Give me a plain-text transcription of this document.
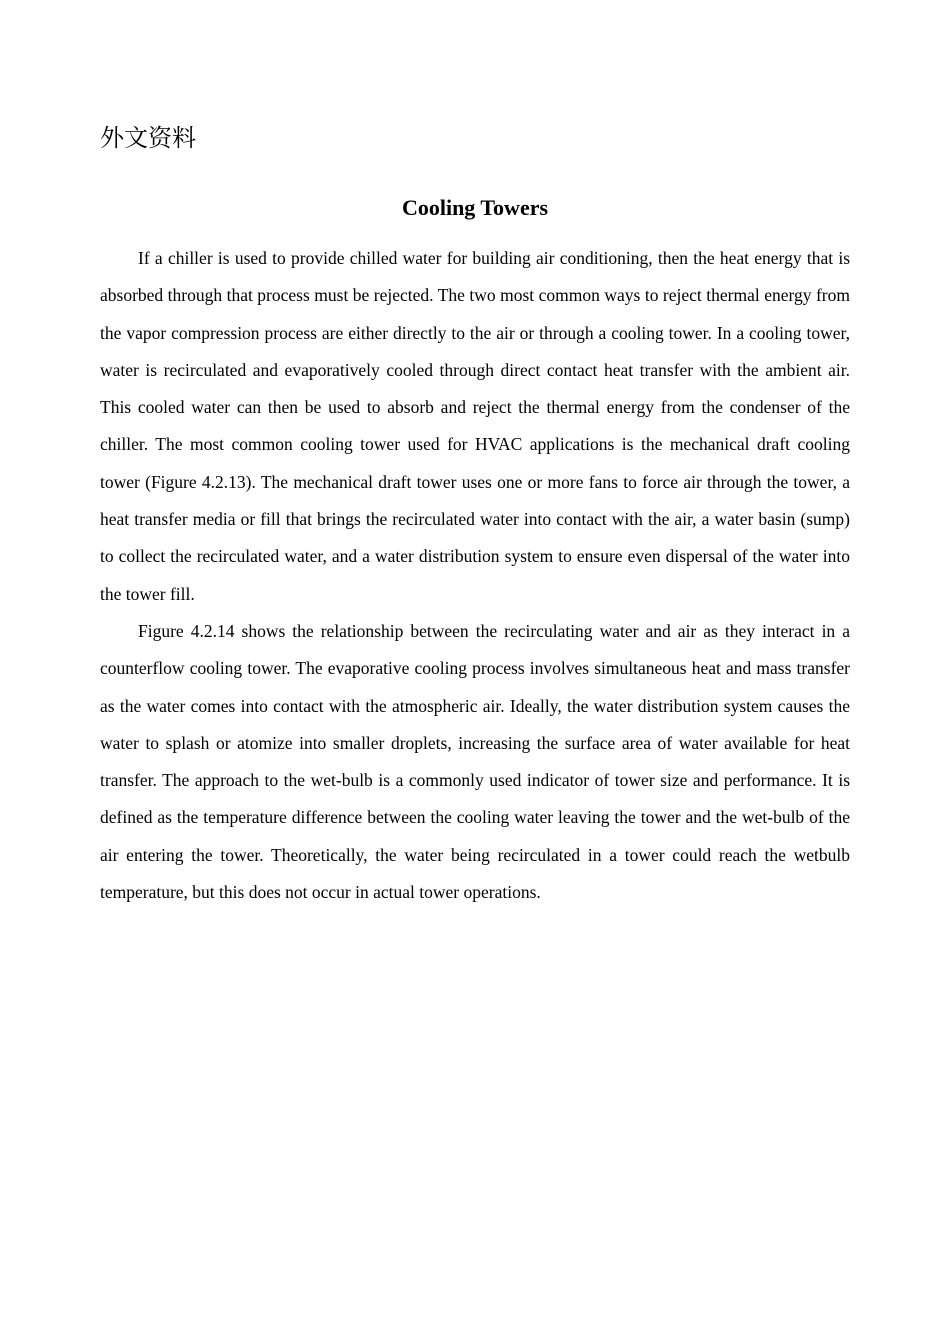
外文资料
Cooling Towers

If a chiller is used to provide chilled water for building air conditioning, then the heat energy that is absorbed through that process must be rejected. The two most common ways to reject thermal energy from the vapor compression process are either directly to the air or through a cooling tower. In a cooling tower, water is recirculated and evaporatively cooled through direct contact heat transfer with the ambient air. This cooled water can then be used to absorb and reject the thermal energy from the condenser of the chiller. The most common cooling tower used for HVAC applications is the mechanical draft cooling tower (Figure 4.2.13). The mechanical draft tower uses one or more fans to force air through the tower, a heat transfer media or fill that brings the recirculated water into contact with the air, a water basin (sump) to collect the recirculated water, and a water distribution system to ensure even dispersal of the water into the tower fill.

Figure 4.2.14 shows the relationship between the recirculating water and air as they interact in a counterflow cooling tower. The evaporative cooling process involves simultaneous heat and mass transfer as the water comes into contact with the atmospheric air. Ideally, the water distribution system causes the water to splash or atomize into smaller droplets, increasing the surface area of water available for heat transfer. The approach to the wet-bulb is a commonly used indicator of tower size and performance. It is defined as the temperature difference between the cooling water leaving the tower and the wet-bulb of the air entering the tower. Theoretically, the water being recirculated in a tower could reach the wetbulb temperature, but this does not occur in actual tower operations.
